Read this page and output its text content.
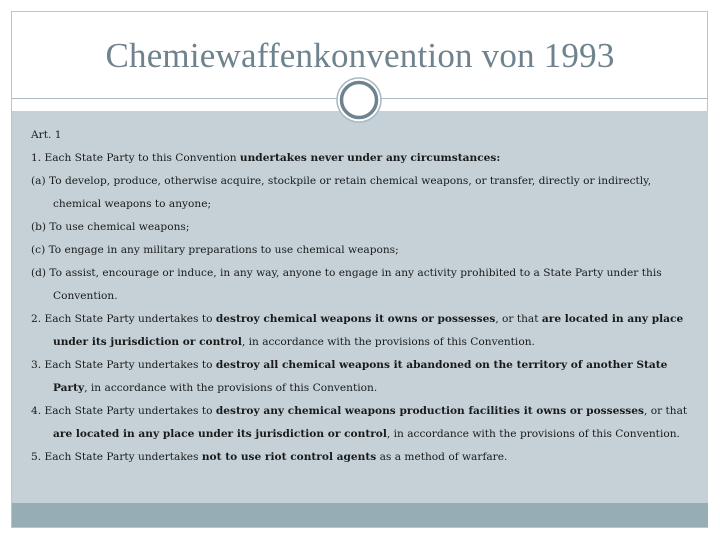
Chemiewaffenkonvention von 1993

Art. 1

1. Each State Party to this Convention undertakes never under any circumstances:

(a) To develop, produce, otherwise acquire, stockpile or retain chemical weapons, or transfer, directly or indirectly, chemical weapons to anyone;

(b) To use chemical weapons;

(c) To engage in any military preparations to use chemical weapons;

(d) To assist, encourage or induce, in any way, anyone to engage in any activity prohibited to a State Party under this Convention.

2. Each State Party undertakes to destroy chemical weapons it owns or possesses, or that are located in any place under its jurisdiction or control, in accordance with the provisions of this Convention.

3. Each State Party undertakes to destroy all chemical weapons it abandoned on the territory of another State Party, in accordance with the provisions of this Convention.

4. Each State Party undertakes to destroy any chemical weapons production facilities it owns or possesses, or that are located in any place under its jurisdiction or control, in accordance with the provisions of this Convention.

5. Each State Party undertakes not to use riot control agents as a method of warfare.
